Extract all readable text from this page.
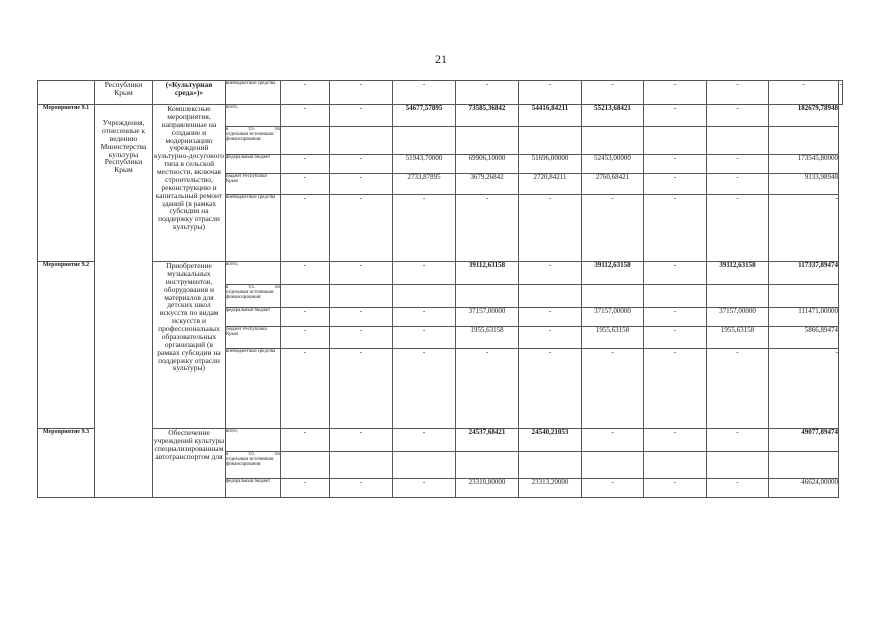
21
	Республики Крым	(«Культурная среда»)»	внебюджетные средства	-	-	-	-	-	-	-	-	-	-
Мероприятие 9.1	Учреждения, отнесенные к ведению Министерства культуры Республики Крым	Комплексные мероприятия, направленные на создание и модернизацию учреждений культурно-досугового типа в сельской местности, включая строительство, реконструкцию и капитальный ремонт зданий (в рамках субсидии на поддержку отрасли культуры)	всего,	-	-	54677,57895	73585,36842	54416,84211	55213,68421	-	-	182679,78948	

			в т.ч. по
отдельным источникам финансирования:										

			федеральный бюджет	-	-	51943,70000	69906,10000	51696,00000	52453,00000	-	-	173545,80000	
			бюджет Республики Крым	-	-	2733,87895	3679,26842	2720,84211	2760,68421	-	-	9133,98948	
			внебюджетные средства	-	-	-	-	-	-	-	-	-	
Мероприятие 9.2		Приобретение музыкальных инструментов, оборудования и материалов для детских школ искусств по видам искусств и профессиональных образовательных организаций (в рамках субсидии на поддержку отрасли культуры)	всего,	-	-	-	39112,63158	-	39112,63158	-	39112,63158	117337,89474	

			в т.ч. по
отдельным источникам финансирования:										

			федеральный бюджет	-	-	-	37157,00000	-	37157,00000	-	37157,00000	111471,00000	
			бюджет Республики Крым	-	-	-	1955,63158	-	1955,63158	-	1955,63158	5866,89474	
			внебюджетные средства	-	-	-	-	-	-	-	-	-	
Мероприятие 9.3		Обеспечение учреждений культуры специализированным автотранспортом для	всего,	-	-	-	24537,68421	24540,21053	-	-	-	49077,89474	

			в т.ч. по
отдельным источникам финансирования:										

			федеральный бюджет	-	-	-	23310,80000	23313,20000	-	-	-	46624,00000	
